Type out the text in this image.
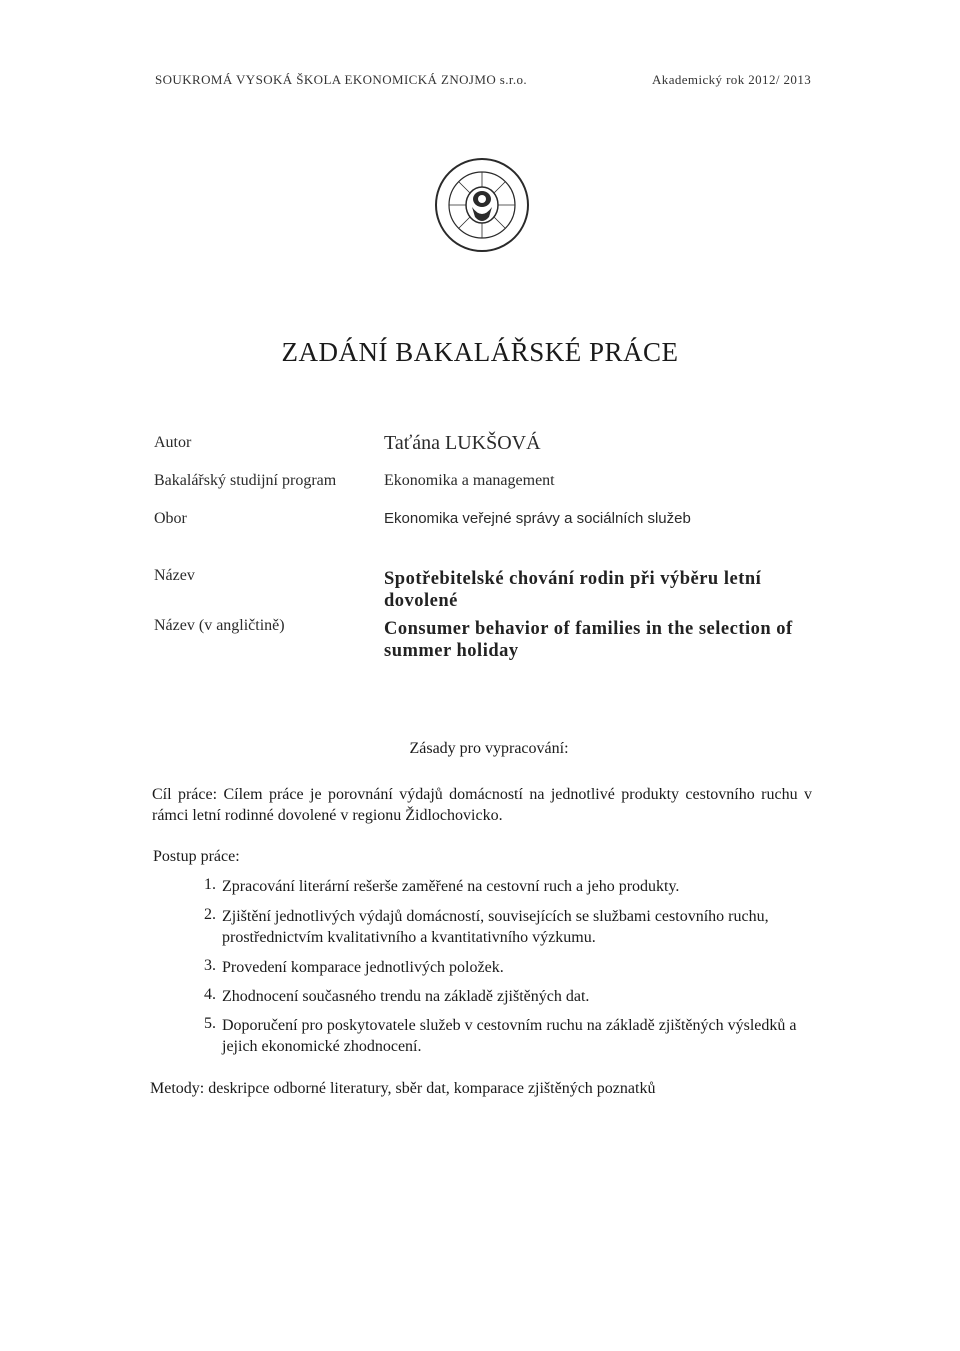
SOUKROMÁ VYSOKÁ ŠKOLA EKONOMICKÁ ZNOJMO s.r.o.	Akademický rok 2012/ 2013
ZADÁNÍ BAKALÁŘSKÉ PRÁCE
Autor	Taťána LUKŠOVÁ
Bakalářský studijní program	Ekonomika a management
Obor	Ekonomika veřejné správy a sociálních služeb
Název	Spotřebitelské chování rodin při výběru letní dovolené
Název (v angličtině)	Consumer behavior of families in the selection of summer holiday
Zásady pro vypracování:
Cíl práce: Cílem práce je porovnání výdajů domácností na jednotlivé produkty cestovního ruchu v rámci letní rodinné dovolené v regionu Židlochovicko.
Postup práce:
1. Zpracování literární rešerše zaměřené na cestovní ruch a jeho produkty.
2. Zjištění jednotlivých výdajů domácností, souvisejících se službami cestovního ruchu, prostřednictvím kvalitativního a kvantitativního výzkumu.
3. Provedení komparace jednotlivých položek.
4. Zhodnocení současného trendu na základě zjištěných dat.
5. Doporučení pro poskytovatele služeb v cestovním ruchu na základě zjištěných výsledků a jejich ekonomické zhodnocení.
Metody: deskripce odborné literatury, sběr dat, komparace zjištěných poznatků
